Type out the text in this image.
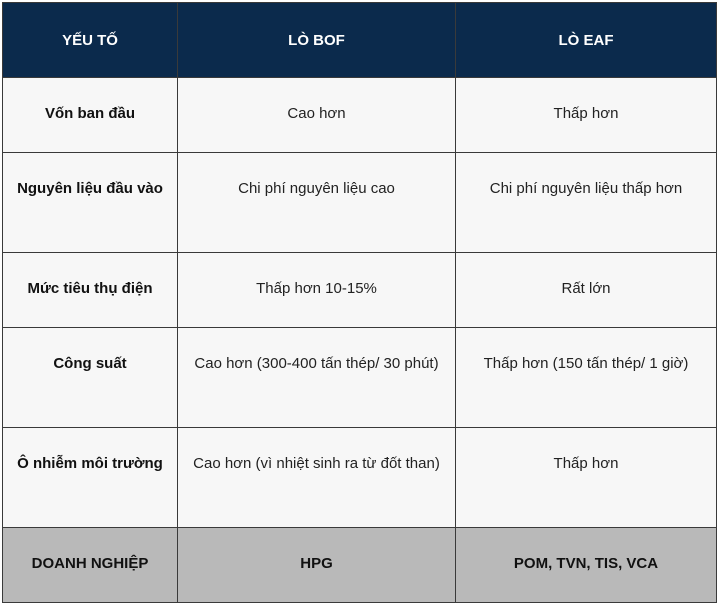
YẾU TỐ	LÒ BOF	LÒ EAF
Vốn ban đầu	Cao hơn	Thấp hơn
Nguyên liệu đầu vào	Chi phí nguyên liệu cao	Chi phí nguyên liệu thấp hơn
Mức tiêu thụ điện	Thấp hơn 10-15%	Rất lớn
Công suất	Cao hơn (300-400 tấn thép/ 30 phút)	Thấp hơn (150 tấn thép/ 1 giờ)
Ô nhiễm môi trường	Cao hơn (vì nhiệt sinh ra từ đốt than)	Thấp hơn
DOANH NGHIỆP	HPG	POM, TVN, TIS, VCA
